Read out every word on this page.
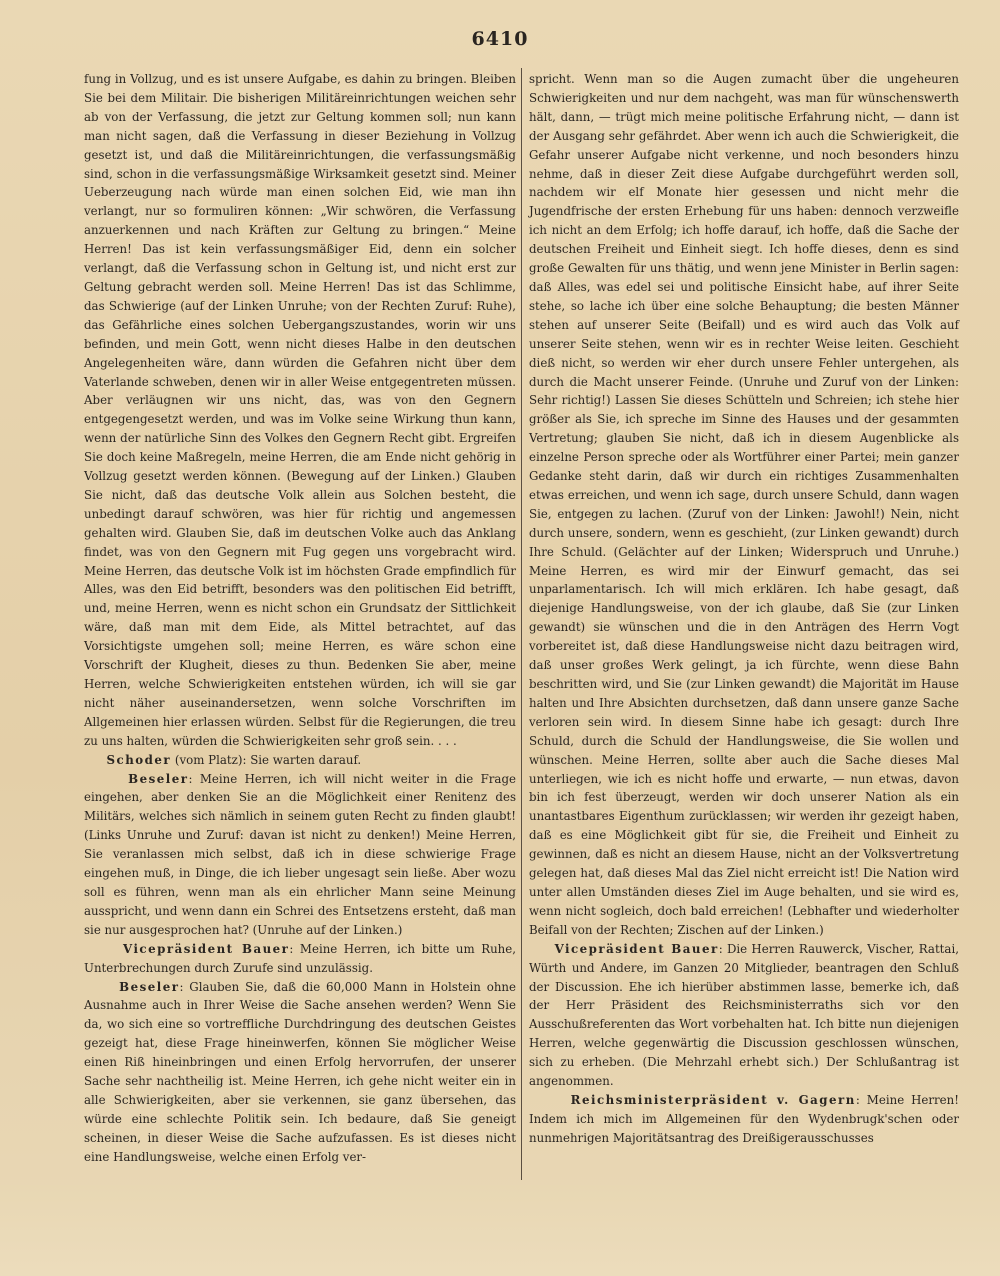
6410

fung in Vollzug, und es ist unsere Aufgabe, es dahin zu bringen. Bleiben Sie bei dem Militair. Die bisherigen Militäreinrichtungen weichen sehr ab von der Verfassung, die jetzt zur Geltung kommen soll; nun kann man nicht sagen, daß die Verfassung in dieser Beziehung in Vollzug gesetzt ist, und daß die Militäreinrichtungen, die verfassungsmäßig sind, schon in die verfassungsmäßige Wirksamkeit gesetzt sind. Meiner Ueberzeugung nach würde man einen solchen Eid, wie man ihn verlangt, nur so formuliren können: „Wir schwören, die Verfassung anzuerkennen und nach Kräften zur Geltung zu bringen.“ Meine Herren! Das ist kein verfassungsmäßiger Eid, denn ein solcher verlangt, daß die Verfassung schon in Geltung ist, und nicht erst zur Geltung gebracht werden soll. Meine Herren! Das ist das Schlimme, das Schwierige (auf der Linken Unruhe; von der Rechten Zuruf: Ruhe), das Gefährliche eines solchen Uebergangszustandes, worin wir uns befinden, und mein Gott, wenn nicht dieses Halbe in den deutschen Angelegenheiten wäre, dann würden die Gefahren nicht über dem Vaterlande schweben, denen wir in aller Weise entgegentreten müssen. Aber verläugnen wir uns nicht, das, was von den Gegnern entgegengesetzt werden, und was im Volke seine Wirkung thun kann, wenn der natürliche Sinn des Volkes den Gegnern Recht gibt. Ergreifen Sie doch keine Maßregeln, meine Herren, die am Ende nicht gehörig in Vollzug gesetzt werden können. (Bewegung auf der Linken.) Glauben Sie nicht, daß das deutsche Volk allein aus Solchen besteht, die unbedingt darauf schwören, was hier für richtig und angemessen gehalten wird. Glauben Sie, daß im deutschen Volke auch das Anklang findet, was von den Gegnern mit Fug gegen uns vorgebracht wird. Meine Herren, das deutsche Volk ist im höchsten Grade empfindlich für Alles, was den Eid betrifft, besonders was den politischen Eid betrifft, und, meine Herren, wenn es nicht schon ein Grundsatz der Sittlichkeit wäre, daß man mit dem Eide, als Mittel betrachtet, auf das Vorsichtigste umgehen soll; meine Herren, es wäre schon eine Vorschrift der Klugheit, dieses zu thun. Bedenken Sie aber, meine Herren, welche Schwierigkeiten entstehen würden, ich will sie gar nicht näher auseinandersetzen, wenn solche Vorschriften im Allgemeinen hier erlassen würden. Selbst für die Regierungen, die treu zu uns halten, würden die Schwierigkeiten sehr groß sein. . . .

Schoder (vom Platz): Sie warten darauf.

Beseler: Meine Herren, ich will nicht weiter in die Frage eingehen, aber denken Sie an die Möglichkeit einer Renitenz des Militärs, welches sich nämlich in seinem guten Recht zu finden glaubt! (Links Unruhe und Zuruf: davan ist nicht zu denken!) Meine Herren, Sie veranlassen mich selbst, daß ich in diese schwierige Frage eingehen muß, in Dinge, die ich lieber ungesagt sein ließe. Aber wozu soll es führen, wenn man als ein ehrlicher Mann seine Meinung ausspricht, und wenn dann ein Schrei des Entsetzens ersteht, daß man sie nur ausgesprochen hat? (Unruhe auf der Linken.)

Vicepräsident Bauer: Meine Herren, ich bitte um Ruhe, Unterbrechungen durch Zurufe sind unzulässig.

Beseler: Glauben Sie, daß die 60,000 Mann in Holstein ohne Ausnahme auch in Ihrer Weise die Sache ansehen werden? Wenn Sie da, wo sich eine so vortreffliche Durchdringung des deutschen Geistes gezeigt hat, diese Frage hineinwerfen, können Sie möglicher Weise einen Riß hineinbringen und einen Erfolg hervorrufen, der unserer Sache sehr nachtheilig ist. Meine Herren, ich gehe nicht weiter ein in alle Schwierigkeiten, aber sie verkennen, sie ganz übersehen, das würde eine schlechte Politik sein. Ich bedaure, daß Sie geneigt scheinen, in dieser Weise die Sache aufzufassen. Es ist dieses nicht eine Handlungsweise, welche einen Erfolg ver-

spricht. Wenn man so die Augen zumacht über die ungeheuren Schwierigkeiten und nur dem nachgeht, was man für wünschenswerth hält, dann, — trügt mich meine politische Erfahrung nicht, — dann ist der Ausgang sehr gefährdet. Aber wenn ich auch die Schwierigkeit, die Gefahr unserer Aufgabe nicht verkenne, und noch besonders hinzu nehme, daß in dieser Zeit diese Aufgabe durchgeführt werden soll, nachdem wir elf Monate hier gesessen und nicht mehr die Jugendfrische der ersten Erhebung für uns haben: dennoch verzweifle ich nicht an dem Erfolg; ich hoffe darauf, ich hoffe, daß die Sache der deutschen Freiheit und Einheit siegt. Ich hoffe dieses, denn es sind große Gewalten für uns thätig, und wenn jene Minister in Berlin sagen: daß Alles, was edel sei und politische Einsicht habe, auf ihrer Seite stehe, so lache ich über eine solche Behauptung; die besten Männer stehen auf unserer Seite (Beifall) und es wird auch das Volk auf unserer Seite stehen, wenn wir es in rechter Weise leiten. Geschieht dieß nicht, so werden wir eher durch unsere Fehler untergehen, als durch die Macht unserer Feinde. (Unruhe und Zuruf von der Linken: Sehr richtig!) Lassen Sie dieses Schütteln und Schreien; ich stehe hier größer als Sie, ich spreche im Sinne des Hauses und der gesammten Vertretung; glauben Sie nicht, daß ich in diesem Augenblicke als einzelne Person spreche oder als Wortführer einer Partei; mein ganzer Gedanke steht darin, daß wir durch ein richtiges Zusammenhalten etwas erreichen, und wenn ich sage, durch unsere Schuld, dann wagen Sie, entgegen zu lachen. (Zuruf von der Linken: Jawohl!) Nein, nicht durch unsere, sondern, wenn es geschieht, (zur Linken gewandt) durch Ihre Schuld. (Gelächter auf der Linken; Widerspruch und Unruhe.) Meine Herren, es wird mir der Einwurf gemacht, das sei unparlamentarisch. Ich will mich erklären. Ich habe gesagt, daß diejenige Handlungsweise, von der ich glaube, daß Sie (zur Linken gewandt) sie wünschen und die in den Anträgen des Herrn Vogt vorbereitet ist, daß diese Handlungsweise nicht dazu beitragen wird, daß unser großes Werk gelingt, ja ich fürchte, wenn diese Bahn beschritten wird, und Sie (zur Linken gewandt) die Majorität im Hause halten und Ihre Absichten durchsetzen, daß dann unsere ganze Sache verloren sein wird. In diesem Sinne habe ich gesagt: durch Ihre Schuld, durch die Schuld der Handlungsweise, die Sie wollen und wünschen. Meine Herren, sollte aber auch die Sache dieses Mal unterliegen, wie ich es nicht hoffe und erwarte, — nun etwas, davon bin ich fest überzeugt, werden wir doch unserer Nation als ein unantastbares Eigenthum zurücklassen; wir werden ihr gezeigt haben, daß es eine Möglichkeit gibt für sie, die Freiheit und Einheit zu gewinnen, daß es nicht an diesem Hause, nicht an der Volksvertretung gelegen hat, daß dieses Mal das Ziel nicht erreicht ist! Die Nation wird unter allen Umständen dieses Ziel im Auge behalten, und sie wird es, wenn nicht sogleich, doch bald erreichen! (Lebhafter und wiederholter Beifall von der Rechten; Zischen auf der Linken.)

Vicepräsident Bauer: Die Herren Rauwerck, Vischer, Rattai, Würth und Andere, im Ganzen 20 Mitglieder, beantragen den Schluß der Discussion. Ehe ich hierüber abstimmen lasse, bemerke ich, daß der Herr Präsident des Reichsministerraths sich vor den Ausschußreferenten das Wort vorbehalten hat. Ich bitte nun diejenigen Herren, welche gegenwärtig die Discussion geschlossen wünschen, sich zu erheben. (Die Mehrzahl erhebt sich.) Der Schlußantrag ist angenommen.

Reichsministerpräsident v. Gagern: Meine Herren! Indem ich mich im Allgemeinen für den Wydenbrugk'schen oder nunmehrigen Majoritätsantrag des Dreißigerausschusses
